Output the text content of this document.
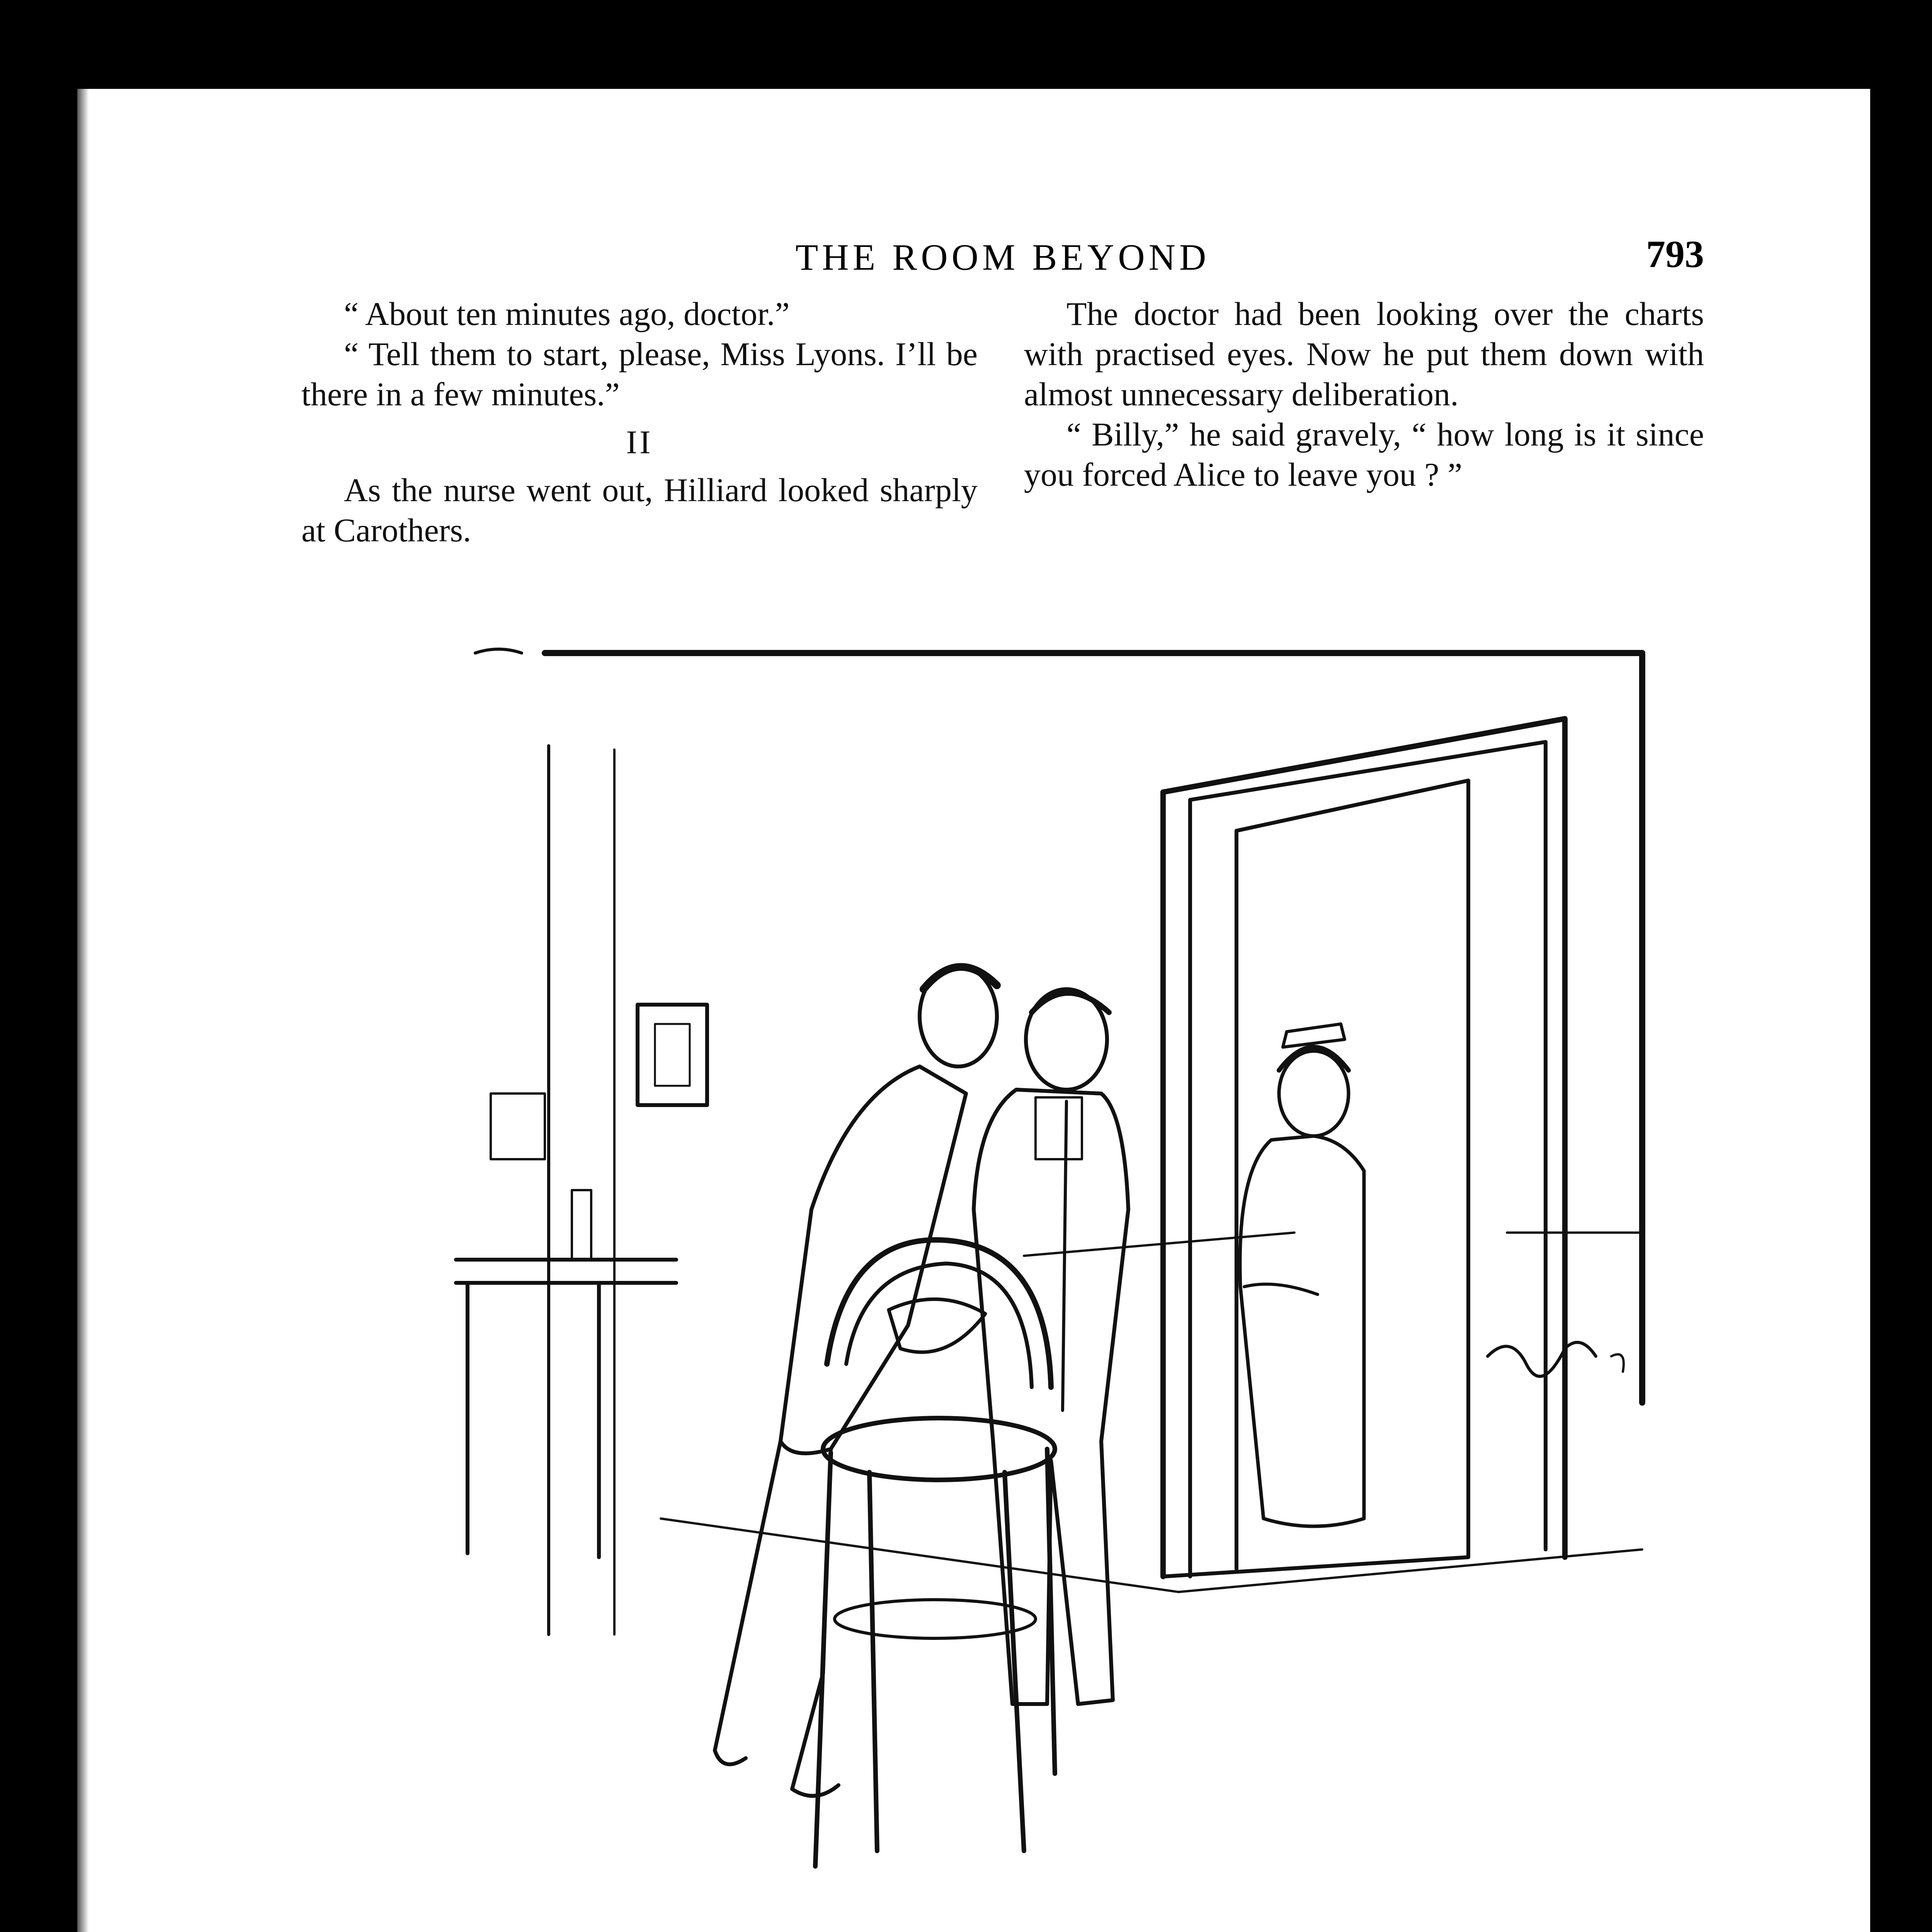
THE ROOM BEYOND	793

“ About ten minutes ago, doctor.”

“ Tell them to start, please, Miss Lyons. I’ll be there in a few minutes.”

II

As the nurse went out, Hilliard looked sharply at Carothers.

The doctor had been looking over the charts with practised eyes. Now he put them down with almost unnecessary deliberation.

“ Billy,” he said gravely, “ how long is it since you forced Alice to leave you ? ”
